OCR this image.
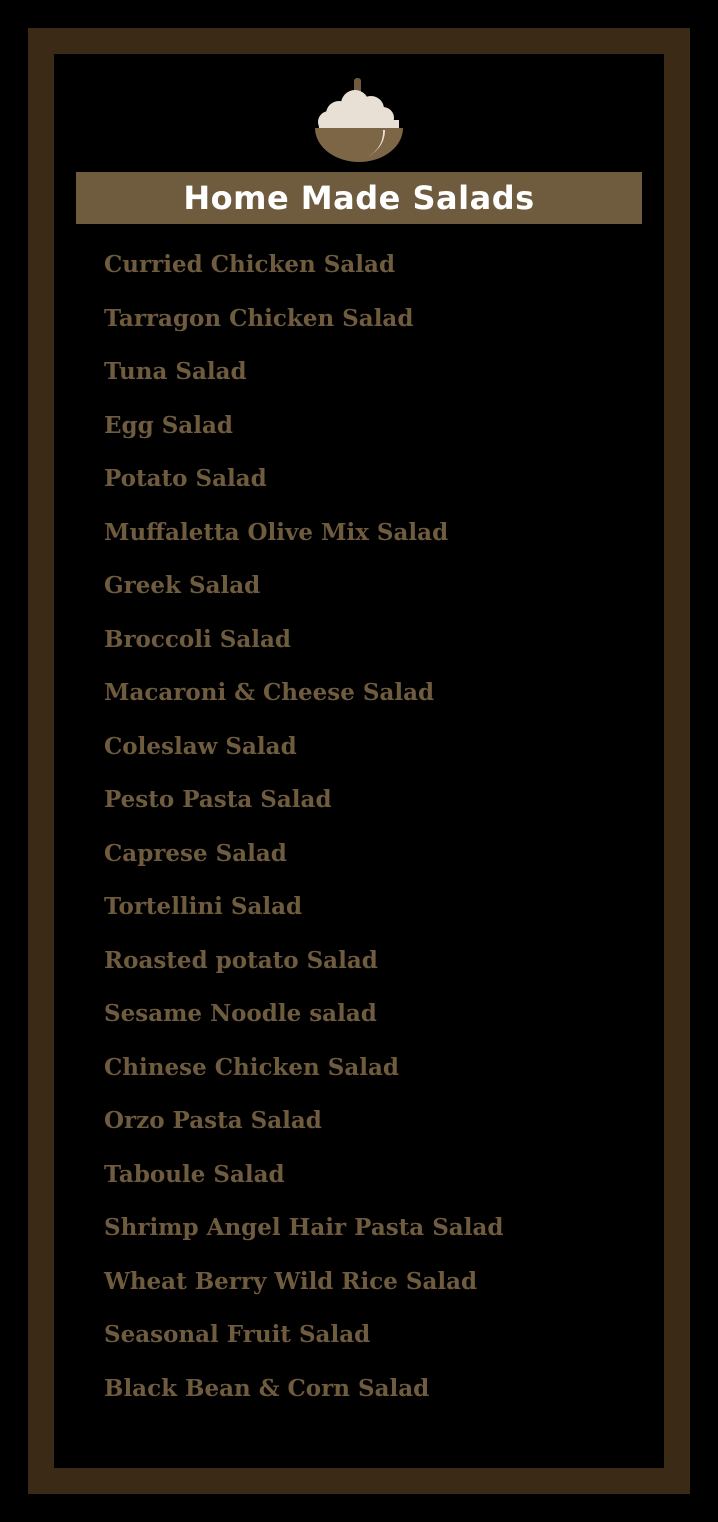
Home Made Salads
Curried Chicken Salad
Tarragon Chicken Salad
Tuna Salad
Egg Salad
Potato Salad
Muffaletta Olive Mix Salad
Greek Salad
Broccoli Salad
Macaroni & Cheese Salad
Coleslaw Salad
Pesto Pasta Salad
Caprese Salad
Tortellini Salad
Roasted potato Salad
Sesame Noodle salad
Chinese Chicken Salad
Orzo Pasta Salad
Taboule Salad
Shrimp Angel Hair Pasta Salad
Wheat Berry Wild Rice Salad
Seasonal Fruit Salad
Black Bean & Corn Salad
